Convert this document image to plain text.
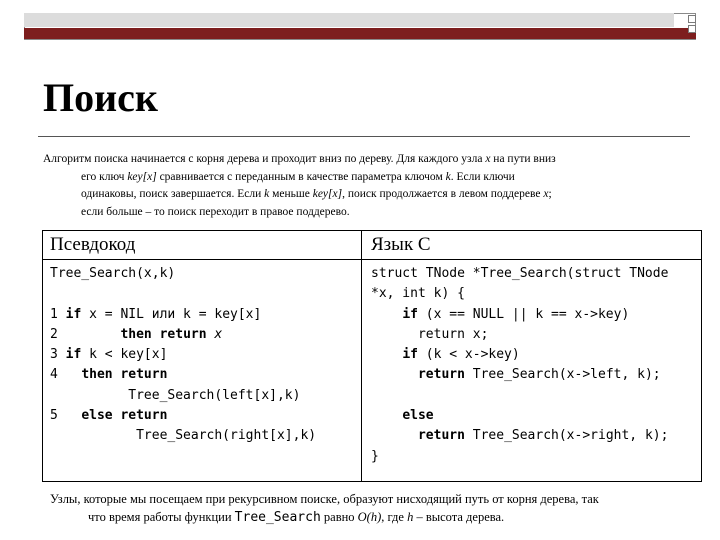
Поиск
Алгоритм поиска начинается с корня дерева и проходит вниз по дереву. Для каждого узла x на пути вниз
его ключ key[x] сравнивается с переданным в качестве параметра ключом k. Если ключи
одинаковы, поиск завершается. Если k меньше key[x], поиск продолжается в левом поддереве x;
если больше – то поиск переходит в правое поддерево.
Псевдокод	Язык С
Tree_Search(x,k)

1 if x = NIL или k = key[x]
2        then return x
3 if k < key[x]
4   then return
Tree_Search(left[x],k)
5   else return
Tree_Search(right[x],k)
struct TNode *Tree_Search(struct TNode
*x, int k) {
if (x == NULL || k == x->key)
return x;
if (k < x->key)
return Tree_Search(x->left, k);

else
return Tree_Search(x->right, k);
}
Узлы, которые мы посещаем при рекурсивном поиске, образуют нисходящий путь от корня дерева, так
что время работы функции Tree_Search равно O(h), где h – высота дерева.
